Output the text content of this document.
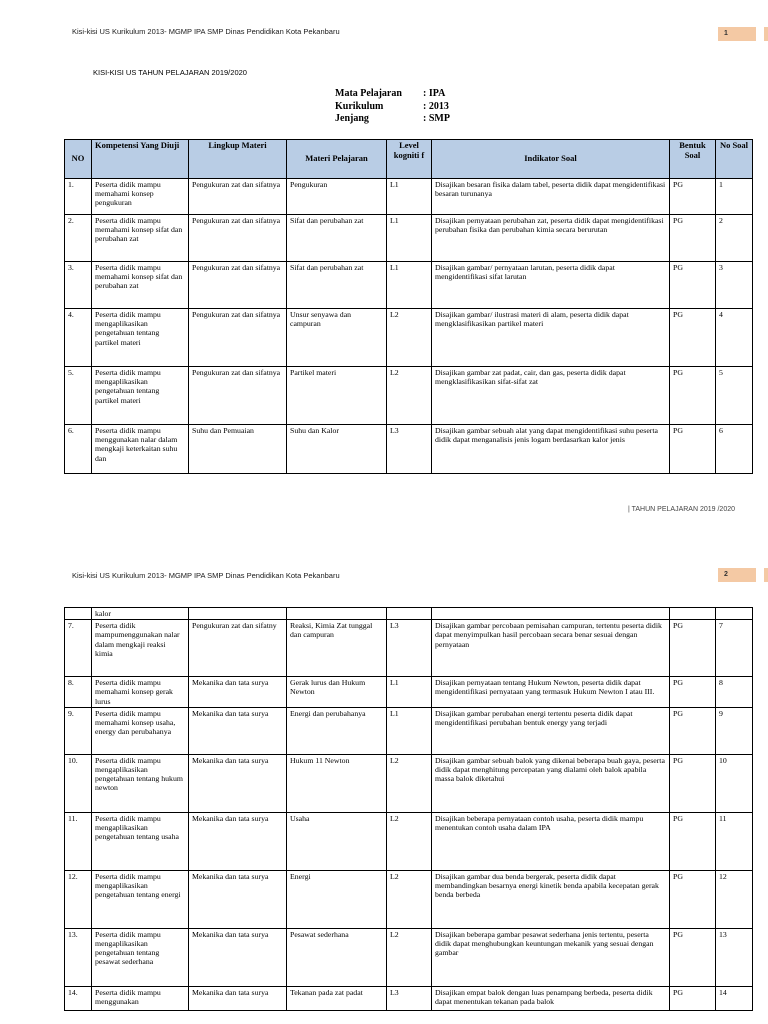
Kisi-kisi US Kurikulum 2013- MGMP IPA SMP Dinas Pendidikan Kota Pekanbaru	1
KISI-KISI US TAHUN PELAJARAN 2019/2020
Mata Pelajaran	: IPA
Kurikulum	: 2013
Jenjang	: SMP
NO	Kompetensi Yang Diuji	Lingkup Materi	Materi Pelajaran	Level kogniti f	Indikator Soal	Bentuk Soal	No Soal
1.	Peserta didik mampu memahami konsep pengukuran	Pengukuran zat dan sifatnya	Pengukuran	L1	Disajikan besaran fisika dalam tabel, peserta didik dapat mengidentifikasi besaran turunanya	PG	1
2.	Peserta didik mampu memahami konsep sifat dan perubahan zat	Pengukuran zat dan sifatnya	Sifat dan perubahan zat	L1	Disajikan pernyataan perubahan zat, peserta didik dapat mengidentifikasi perubahan fisika dan perubahan kimia secara berurutan	PG	2
3.	Peserta didik mampu memahami konsep sifat dan perubahan zat	Pengukuran zat dan sifatnya	Sifat dan perubahan zat	L1	Disajikan gambar/ pernyataan larutan, peserta didik dapat mengidentifikasi sifat larutan	PG	3
4.	Peserta didik mampu mengaplikasikan pengetahuan tentang partikel materi	Pengukuran zat dan sifatnya	Unsur senyawa dan campuran	L2	Disajikan gambar/ ilustrasi materi di alam, peserta didik dapat mengklasifikasikan partikel materi	PG	4
5.	Peserta didik mampu mengaplikasikan pengetahuan tentang partikel materi	Pengukuran zat dan sifatnya	Partikel materi	L2	Disajikan gambar zat padat, cair, dan gas, peserta didik dapat mengklasifikasikan sifat-sifat zat	PG	5
6.	Peserta didik mampu menggunakan nalar dalam mengkaji keterkaitan suhu dan	Suhu dan Pemuaian	Suhu dan Kalor	L3	Disajikan gambar sebuah alat yang dapat mengidentifikasi suhu peserta didik dapat menganalisis jenis logam berdasarkan kalor jenis	PG	6
| TAHUN PELAJARAN 2019 /2020
Kisi-kisi US Kurikulum 2013- MGMP IPA SMP Dinas Pendidikan Kota Pekanbaru	2
	kalor						
7.	Peserta didik mampumenggunakan nalar dalam mengkaji reaksi kimia	Pengukuran zat dan sifatny	Reaksi, Kimia Zat tunggal dan campuran	L3	Disajikan gambar percobaan pemisahan campuran, tertentu peserta didik dapat menyimpulkan hasil percobaan secara benar sesuai dengan pernyataan	PG	7
8.	Peserta didik mampu memahami konsep gerak lurus	Mekanika dan tata surya	Gerak lurus dan Hukum Newton	L1	Disajikan pernyataan tentang Hukum Newton, peserta didik dapat mengidentifikasi pernyataan yang termasuk Hukum Newton I atau III.	PG	8
9.	Peserta didik mampu memahami konsep usaha, energy dan perubahanya	Mekanika dan tata surya	Energi dan perubahanya	L1	Disajikan gambar perubahan energi tertentu peserta didik dapat mengidentifikasi perubahan bentuk energy yang terjadi	PG	9
10.	Peserta didik mampu mengaplikasikan pengetahuan tentang hukum newton	Mekanika dan tata surya	Hukum 11 Newton	L2	Disajikan gambar sebuah balok yang dikenai beberapa buah gaya, peserta didik dapat menghitung percepatan yang dialami oleh balok apabila massa balok diketahui	PG	10
11.	Peserta didik mampu mengaplikasikan pengetahuan tentang usaha	Mekanika dan tata surya	Usaha	L2	Disajikan beberapa pernyataan contoh usaha, peserta didik mampu menentukan contoh usaha dalam IPA	PG	11
12.	Peserta didik mampu mengaplikasikan pengetahuan tentang energi	Mekanika dan tata surya	Energi	L2	Disajikan gambar dua benda bergerak, peserta didik dapat membandingkan besarnya energi kinetik benda apabila kecepatan gerak benda berbeda	PG	12
13.	Peserta didik mampu mengaplikasikan pengetahuan tentang pesawat sederhana	Mekanika dan tata surya	Pesawat sederhana	L2	Disajikan beberapa gambar pesawat sederhana jenis tertentu, peserta didik dapat menghubungkan keuntungan mekanik yang sesuai dengan gambar	PG	13
14.	Peserta didik mampu menggunakan	Mekanika dan tata surya	Tekanan pada zat padat	L3	Disajikan empat balok dengan luas penampang berbeda, peserta didik dapat menentukan tekanan pada balok	PG	14
